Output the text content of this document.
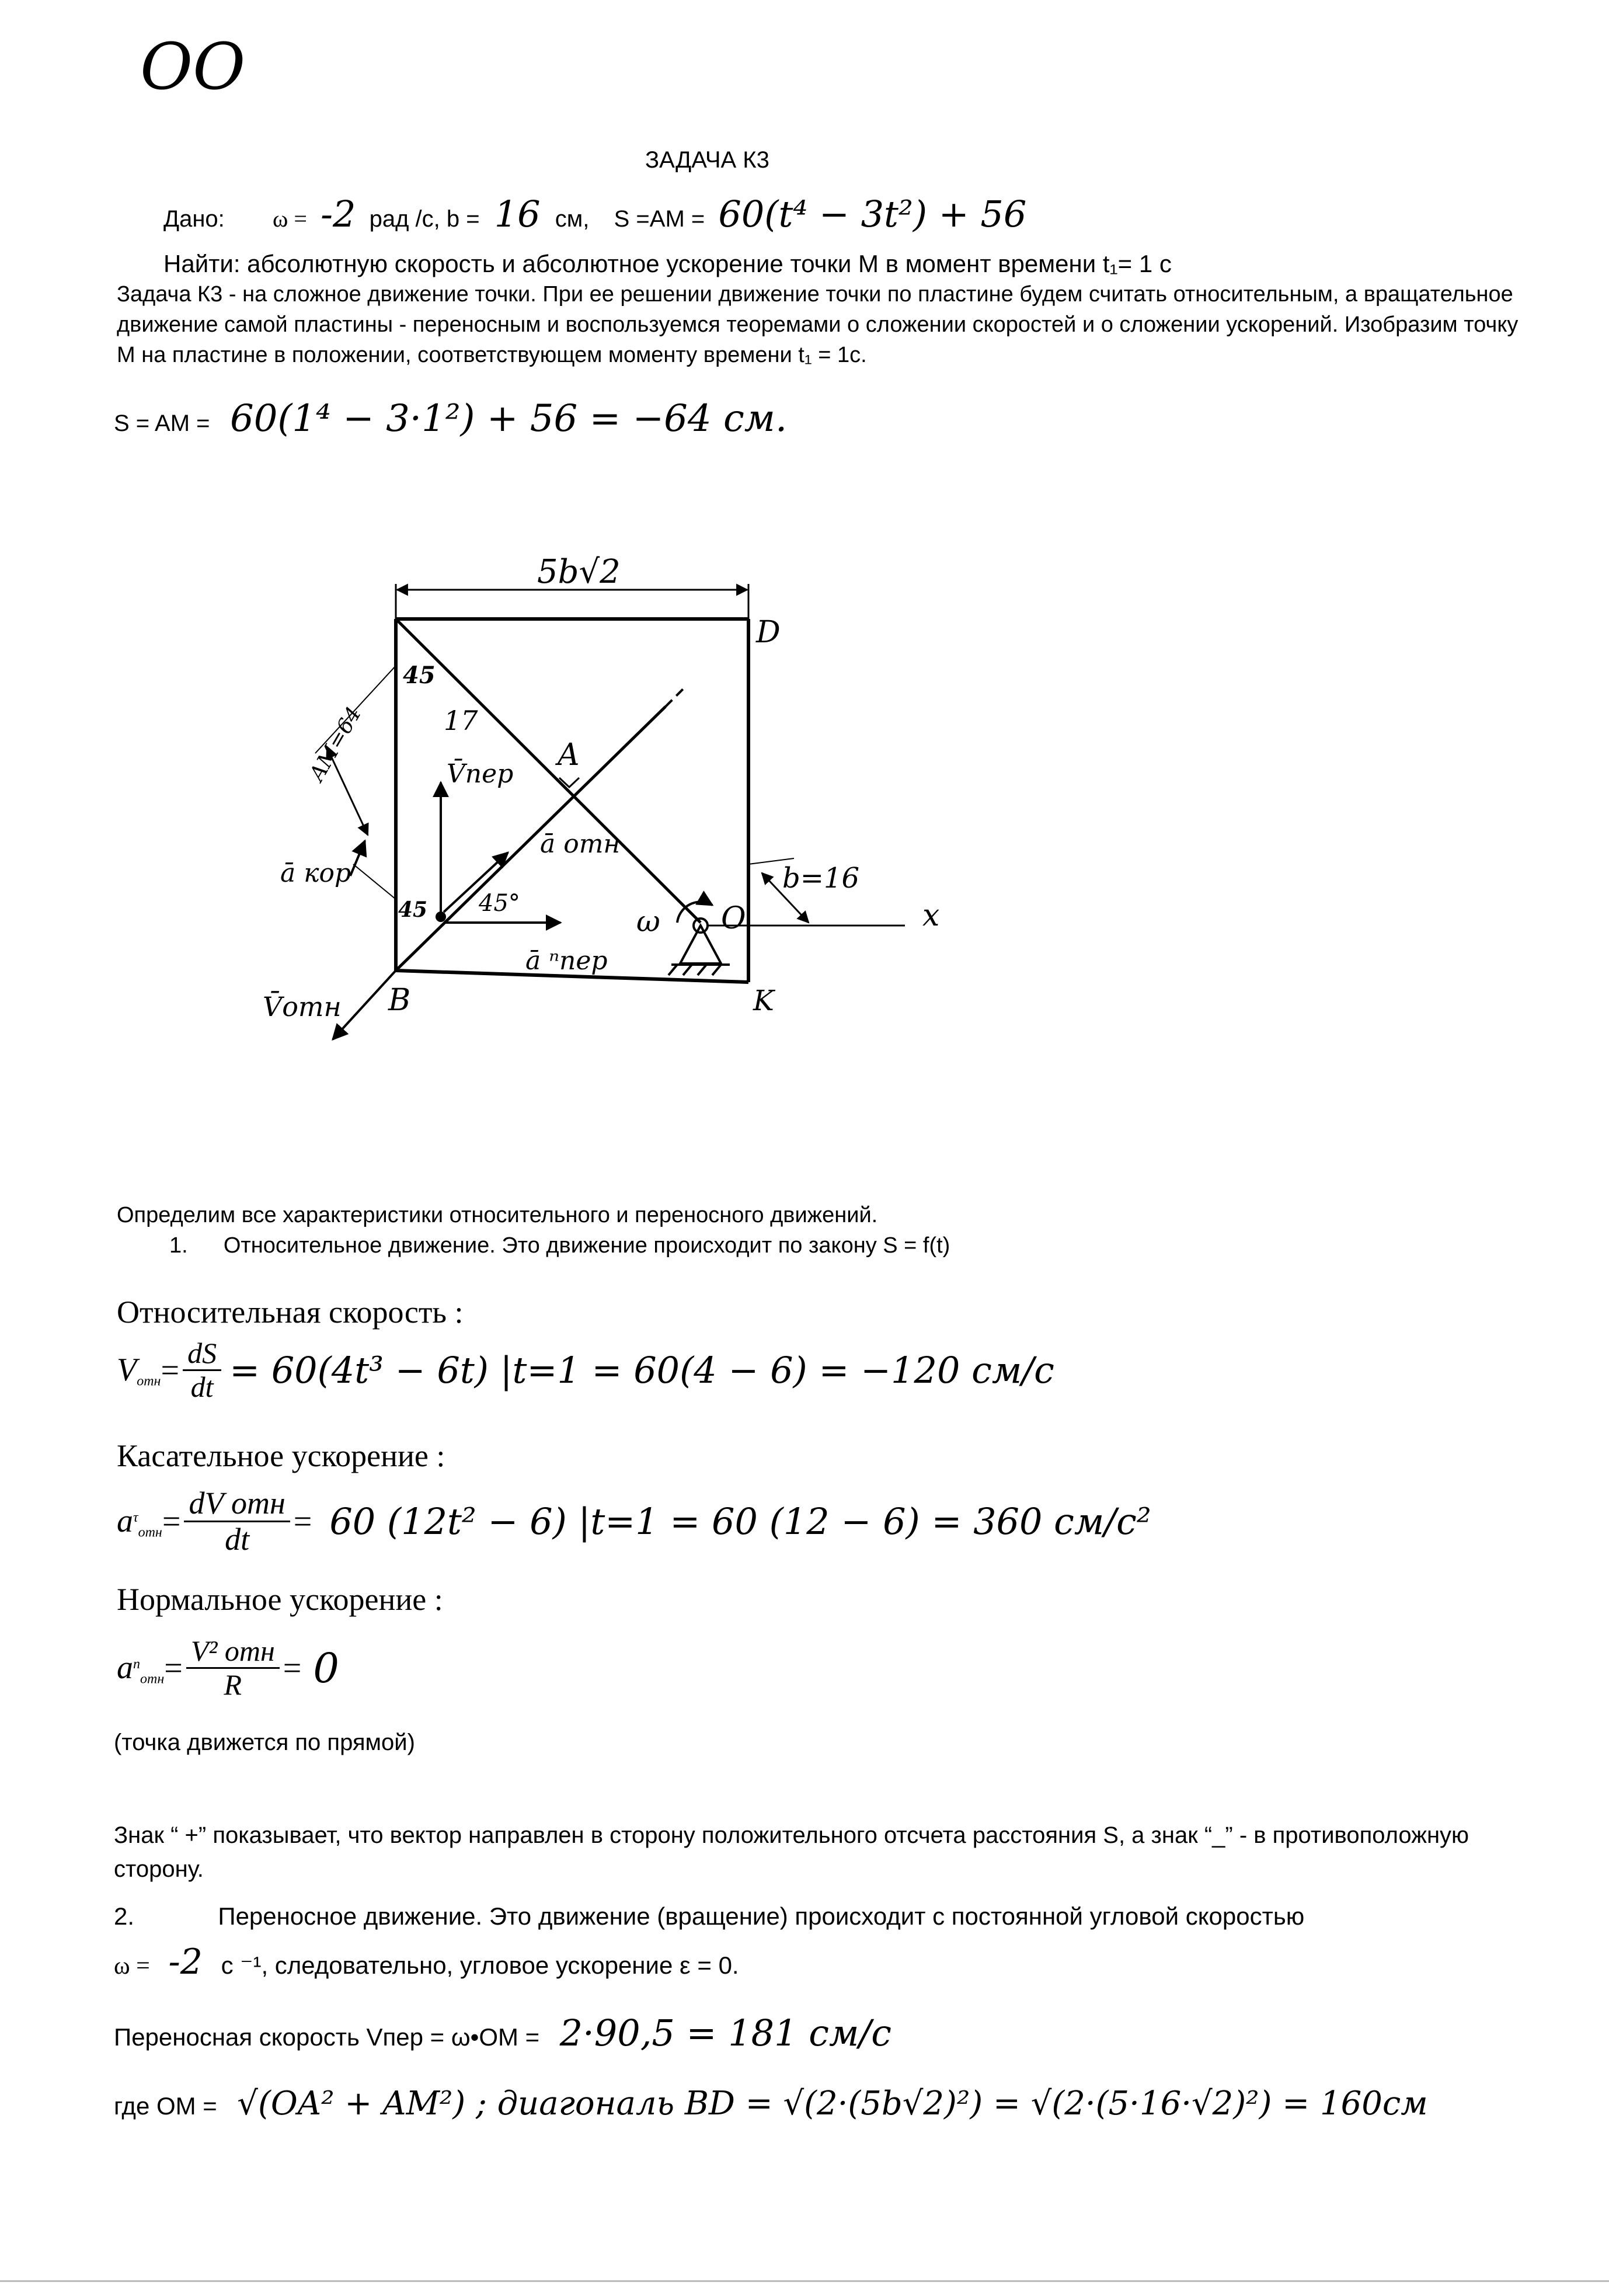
OO
ЗАДАЧА К3
Дано: ω = -2 рад /с, b = 16 см, S =AM = 60(t⁴ − 3t²) + 56
Найти: абсолютную скорость и абсолютное ускорение точки М в момент времени t₁= 1 с
Задача К3 - на сложное движение точки. При ее решении движение точки по пластине будем считать относительным, а вращательное движение самой пластины - переносным и воспользуемся теоремами о сложении скоростей и о сложении ускорений. Изобразим точку М на пластине в положении, соответствующем моменту времени t₁ = 1с.
S = AM = 60(1⁴ − 3·1²) + 56 = −64 см.
5b√2
D
A
B	K
O	x
45
45 45°
17
AM=64
ā кор
V̄пер
ā отн
ā ⁿпер
V̄отн
ω
b=16
Определим все характеристики относительного и переносного движений.
1. Относительное движение. Это движение происходит по закону S = f(t)
Относительная скорость :
$V_{отн} = \frac{dS}{dt} = 60(4t^3 - 6t) |t=1 = 60(4 - 6) = -120$ см/с
Касательное ускорение :
$a^\tau_{отн} = \frac{\text{dV отн}}{dt} = 60$ (12t² − 6) |t=1 = 60 (12 − 6) = 360 см/с²
Нормальное ускорение :
$a^n_{отн} = \frac{\text{V² отн}}{R} = 0$
(точка движется по прямой)
Знак “ +” показывает, что вектор направлен в сторону положительного отсчета расстояния S, а знак “_” - в противоположную сторону.
2.	Переносное движение. Это движение (вращение) происходит с постоянной угловой скоростью
ω = -2 с ⁻¹, следовательно, угловое ускорение ε = 0.
Переносная скорость Vпер = ω•OM = 2·90,5 = 181 см/с
где OM = √(OA² + AM²) ; диагональ BD = √(2·(5b√2)²) = √(2·(5·16·√2)²) = 160см
